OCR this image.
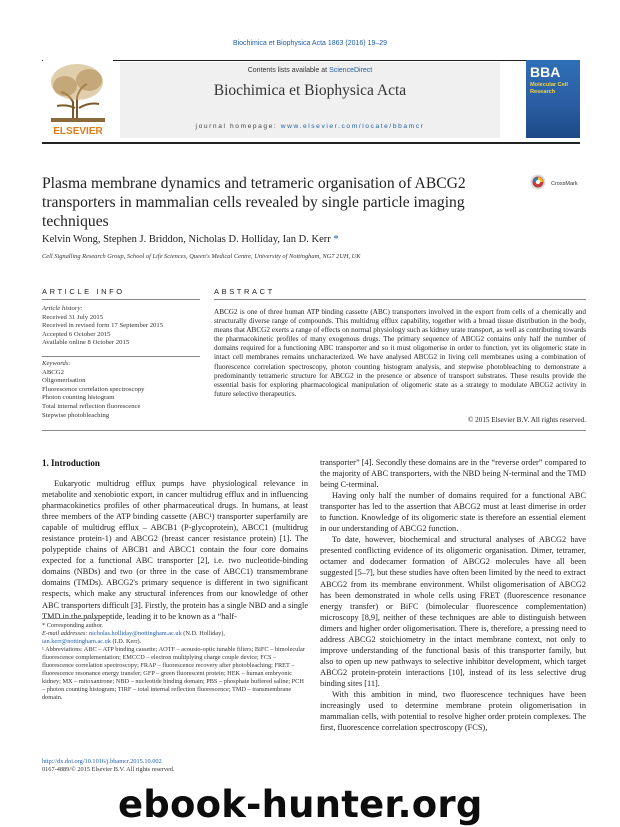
Biochimica et Biophysica Acta 1863 (2016) 19–29
ELSEVIER
Contents lists available at ScienceDirect
Biochimica et Biophysica Acta
journal homepage: www.elsevier.com/locate/bbamcr
BBA
Molecular Cell Research
Plasma membrane dynamics and tetrameric organisation of ABCG2 transporters in mammalian cells revealed by single particle imaging techniques
CrossMark
Kelvin Wong, Stephen J. Briddon, Nicholas D. Holliday, Ian D. Kerr *
Cell Signalling Research Group, School of Life Sciences, Queen's Medical Centre, University of Nottingham, NG7 2UH, UK
ARTICLE INFO	ABSTRACT
Article history:
Received 31 July 2015
Received in revised form 17 September 2015
Accepted 6 October 2015
Available online 8 October 2015
Keywords:
ABCG2
Oligomerisation
Fluorescence correlation spectroscopy
Photon counting histogram
Total internal reflection fluorescence
Stepwise photobleaching
ABCG2 is one of three human ATP binding cassette (ABC) transporters involved in the export from cells of a chemically and structurally diverse range of compounds. This multidrug efflux capability, together with a broad tissue distribution in the body, means that ABCG2 exerts a range of effects on normal physiology such as kidney urate transport, as well as contributing towards the pharmacokinetic profiles of many exogenous drugs. The primary sequence of ABCG2 contains only half the number of domains required for a functioning ABC transporter and so it must oligomerise in order to function, yet its oligomeric state in intact cell membranes remains uncharacterized. We have analysed ABCG2 in living cell membranes using a combination of fluorescence correlation spectroscopy, photon counting histogram analysis, and stepwise photobleaching to demonstrate a predominantly tetrameric structure for ABCG2 in the presence or absence of transport substrates. These results provide the essential basis for exploring pharmacological manipulation of oligomeric state as a strategy to modulate ABCG2 activity in future selective therapeutics.
© 2015 Elsevier B.V. All rights reserved.
1. Introduction

Eukaryotic multidrug efflux pumps have physiological relevance in metabolite and xenobiotic export, in cancer multidrug efflux and in influencing pharmacokinetics profiles of other pharmaceutical drugs. In humans, at least three members of the ATP binding cassette (ABC¹) transporter superfamily are capable of multidrug efflux – ABCB1 (P-glycoprotein), ABCC1 (multidrug resistance protein-1) and ABCG2 (breast cancer resistance protein) [1]. The polypeptide chains of ABCB1 and ABCC1 contain the four core domains expected for a functional ABC transporter [2], i.e. two nucleotide-binding domains (NBDs) and two (or three in the case of ABCC1) transmembrane domains (TMDs). ABCG2's primary sequence is different in two significant respects, which make any structural inferences from our knowledge of other ABC transporters difficult [3]. Firstly, the protein has a single NBD and a single TMD in the polypeptide, leading it to be known as a “half-

transporter” [4]. Secondly these domains are in the “reverse order” compared to the majority of ABC transporters, with the NBD being N-terminal and the TMD being C-terminal.

Having only half the number of domains required for a functional ABC transporter has led to the assertion that ABCG2 must at least dimerise in order to function. Knowledge of its oligomeric state is therefore an essential element in our understanding of ABCG2 function.

To date, however, biochemical and structural analyses of ABCG2 have presented conflicting evidence of its oligomeric organisation. Dimer, tetramer, octamer and dodecamer formation of ABCG2 molecules have all been suggested [5–7], but these studies have often been limited by the need to extract ABCG2 from its membrane environment. Whilst oligomerisation of ABCG2 has been demonstrated in whole cells using FRET (fluorescence resonance energy transfer) or BiFC (bimolecular fluorescence complementation) microscopy [8,9], neither of these techniques are able to distinguish between dimers and higher order oligomerisation. There is, therefore, a pressing need to address ABCG2 stoichiometry in the intact membrane context, not only to improve understanding of the functional basis of this transporter family, but also to open up new pathways to selective inhibitor development, which target ABCG2 protein-protein interactions [10], instead of its less selective drug binding sites [11].

With this ambition in mind, two fluorescence techniques have been increasingly used to determine membrane protein oligomerisation in mammalian cells, with potential to resolve higher order protein complexes. The first, fluorescence correlation spectroscopy (FCS),

* Corresponding author.
E-mail addresses: nicholas.holliday@nottingham.ac.uk (N.D. Holliday),
ian.kerr@nottingham.ac.uk (I.D. Kerr).
¹ Abbreviations: ABC – ATP binding cassette; AOTF – acousto-optic tunable filters; BiFC – bimolecular fluorescence complementation; EMCCD – electron multiplying charge couple device; FCS – fluorescence correlation spectroscopy; FRAP – fluorescence recovery after photobleaching; FRET – fluorescence resonance energy transfer; GFP – green fluorescent protein; HEK – human embryonic kidney; MX – mitoxantrone; NBD – nucleotide binding domain; PBS – phosphate buffered saline; PCH – photon counting histogram; TIRF – total internal reflection fluorescence; TMD – transmembrane domain.
http://dx.doi.org/10.1016/j.bbamcr.2015.10.002
0167-4889/© 2015 Elsevier B.V. All rights reserved.
ebook-hunter.org
